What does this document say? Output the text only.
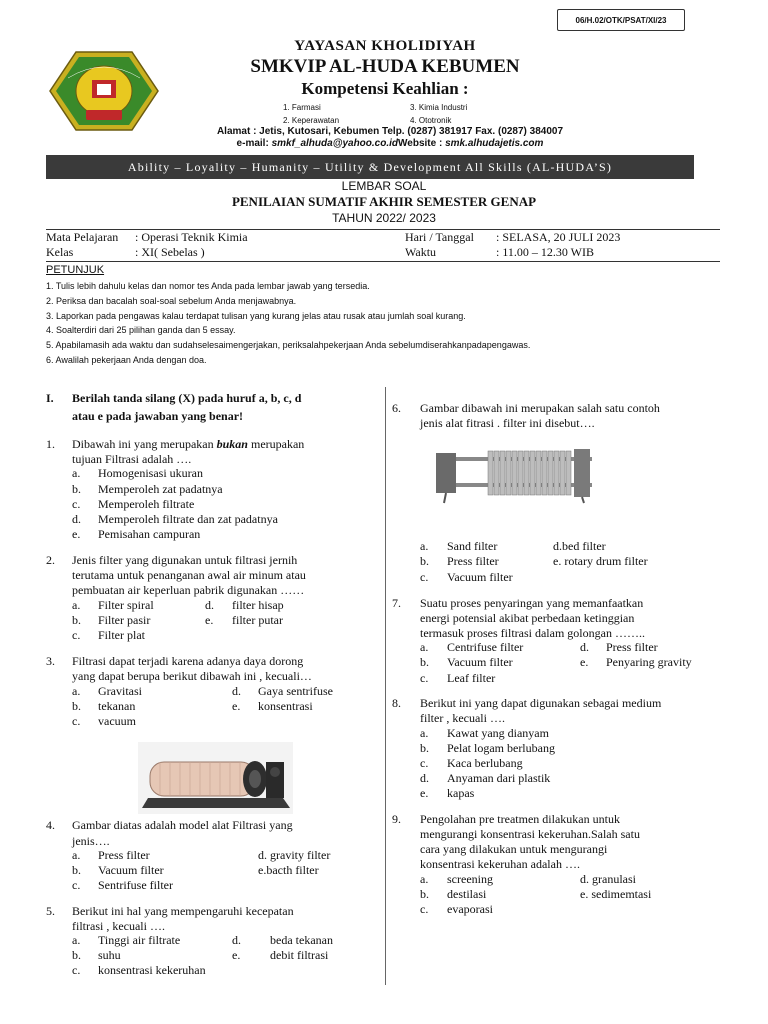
06/H.02/OTK/PSAT/XI/23
YAYASAN KHOLIDIYAH
SMKVIP AL-HUDA KEBUMEN
Kompetensi Keahlian :
1. Farmasi
2. Keperawatan
3. Kimia Industri
4. Ototronik
Alamat : Jetis, Kutosari, Kebumen Telp. (0287) 381917 Fax. (0287) 384007
e-mail: smkf_alhuda@yahoo.co.idWebsite : smk.alhudajetis.com
Ability – Loyality – Humanity – Utility & Development All Skills (AL-HUDA’S)
LEMBAR SOAL
PENILAIAN SUMATIF AKHIR SEMESTER GENAP
TAHUN 2022/ 2023
Mata Pelajaran : Operasi Teknik Kimia
Kelas	: XI( Sebelas )
Hari / Tanggal : SELASA, 20 JULI 2023
Waktu	: 11.00 – 12.30 WIB
PETUNJUK
1. Tulis lebih dahulu kelas dan nomor tes Anda pada lembar jawab yang tersedia.
2. Periksa dan bacalah soal-soal sebelum Anda menjawabnya.
3. Laporkan pada pengawas kalau terdapat tulisan yang kurang jelas atau rusak atau jumlah soal kurang.
4. Soalterdiri dari 25 pilihan ganda dan 5 essay.
5. Apabilamasih ada waktu dan sudahselesaimengerjakan, periksalahpekerjaan Anda sebelumdiserahkanpadapengawas.
6. Awalilah pekerjaan Anda dengan doa.
I. Berilah tanda silang (X) pada huruf a, b, c, d
atau e pada jawaban yang benar!
1. Dibawah ini yang merupakan bukan merupakan
tujuan Filtrasi adalah ….
a. Homogenisasi ukuran
b. Memperoleh zat padatnya
c. Memperoleh filtrate
d. Memperoleh filtrate dan zat padatnya
e. Pemisahan campuran
2. Jenis filter yang digunakan untuk filtrasi jernih
terutama untuk penanganan awal air minum atau
pembuatan air keperluan pabrik digunakan ……
a. Filter spiral	d. filter hisap
b. Filter pasir	e. filter putar
c. Filter plat
3. Filtrasi dapat terjadi karena adanya daya dorong
yang dapat berupa berikut dibawah ini , kecuali…
a. Gravitasi	d. Gaya sentrifuse
b. tekanan	e. konsentrasi
c. vacuum
4. Gambar diatas adalah model alat Filtrasi yang
jenis….
a. Press filter	d. gravity filter
b. Vacuum filter	e.bacth filter
c. Sentrifuse filter
5. Berikut ini hal yang mempengaruhi kecepatan
filtrasi , kecuali ….
a. Tinggi air filtrate	d. beda tekanan
b. suhu	e. debit filtrasi
c. konsentrasi kekeruhan
6. Gambar dibawah ini merupakan salah satu contoh
jenis alat fitrasi . filter ini disebut….
a. Sand filter	d.bed filter
b. Press filter	e. rotary drum filter
c. Vacuum filter
7. Suatu proses penyaringan yang memanfaatkan
energi potensial akibat perbedaan ketinggian
termasuk proses filtrasi dalam golongan ……..
a. Centrifuse filter	d. Press filter
b. Vacuum filter	e. Penyaring gravity
c. Leaf filter
8. Berikut ini yang dapat digunakan sebagai medium
filter , kecuali ….
a. Kawat yang dianyam
b. Pelat logam berlubang
c. Kaca berlubang
d. Anyaman dari plastik
e. kapas
9. Pengolahan pre treatmen dilakukan untuk
mengurangi konsentrasi kekeruhan.Salah satu
cara yang dilakukan untuk mengurangi
konsentrasi kekeruhan adalah ….
a. screening	d. granulasi
b. destilasi	e. sedimemtasi
c. evaporasi
